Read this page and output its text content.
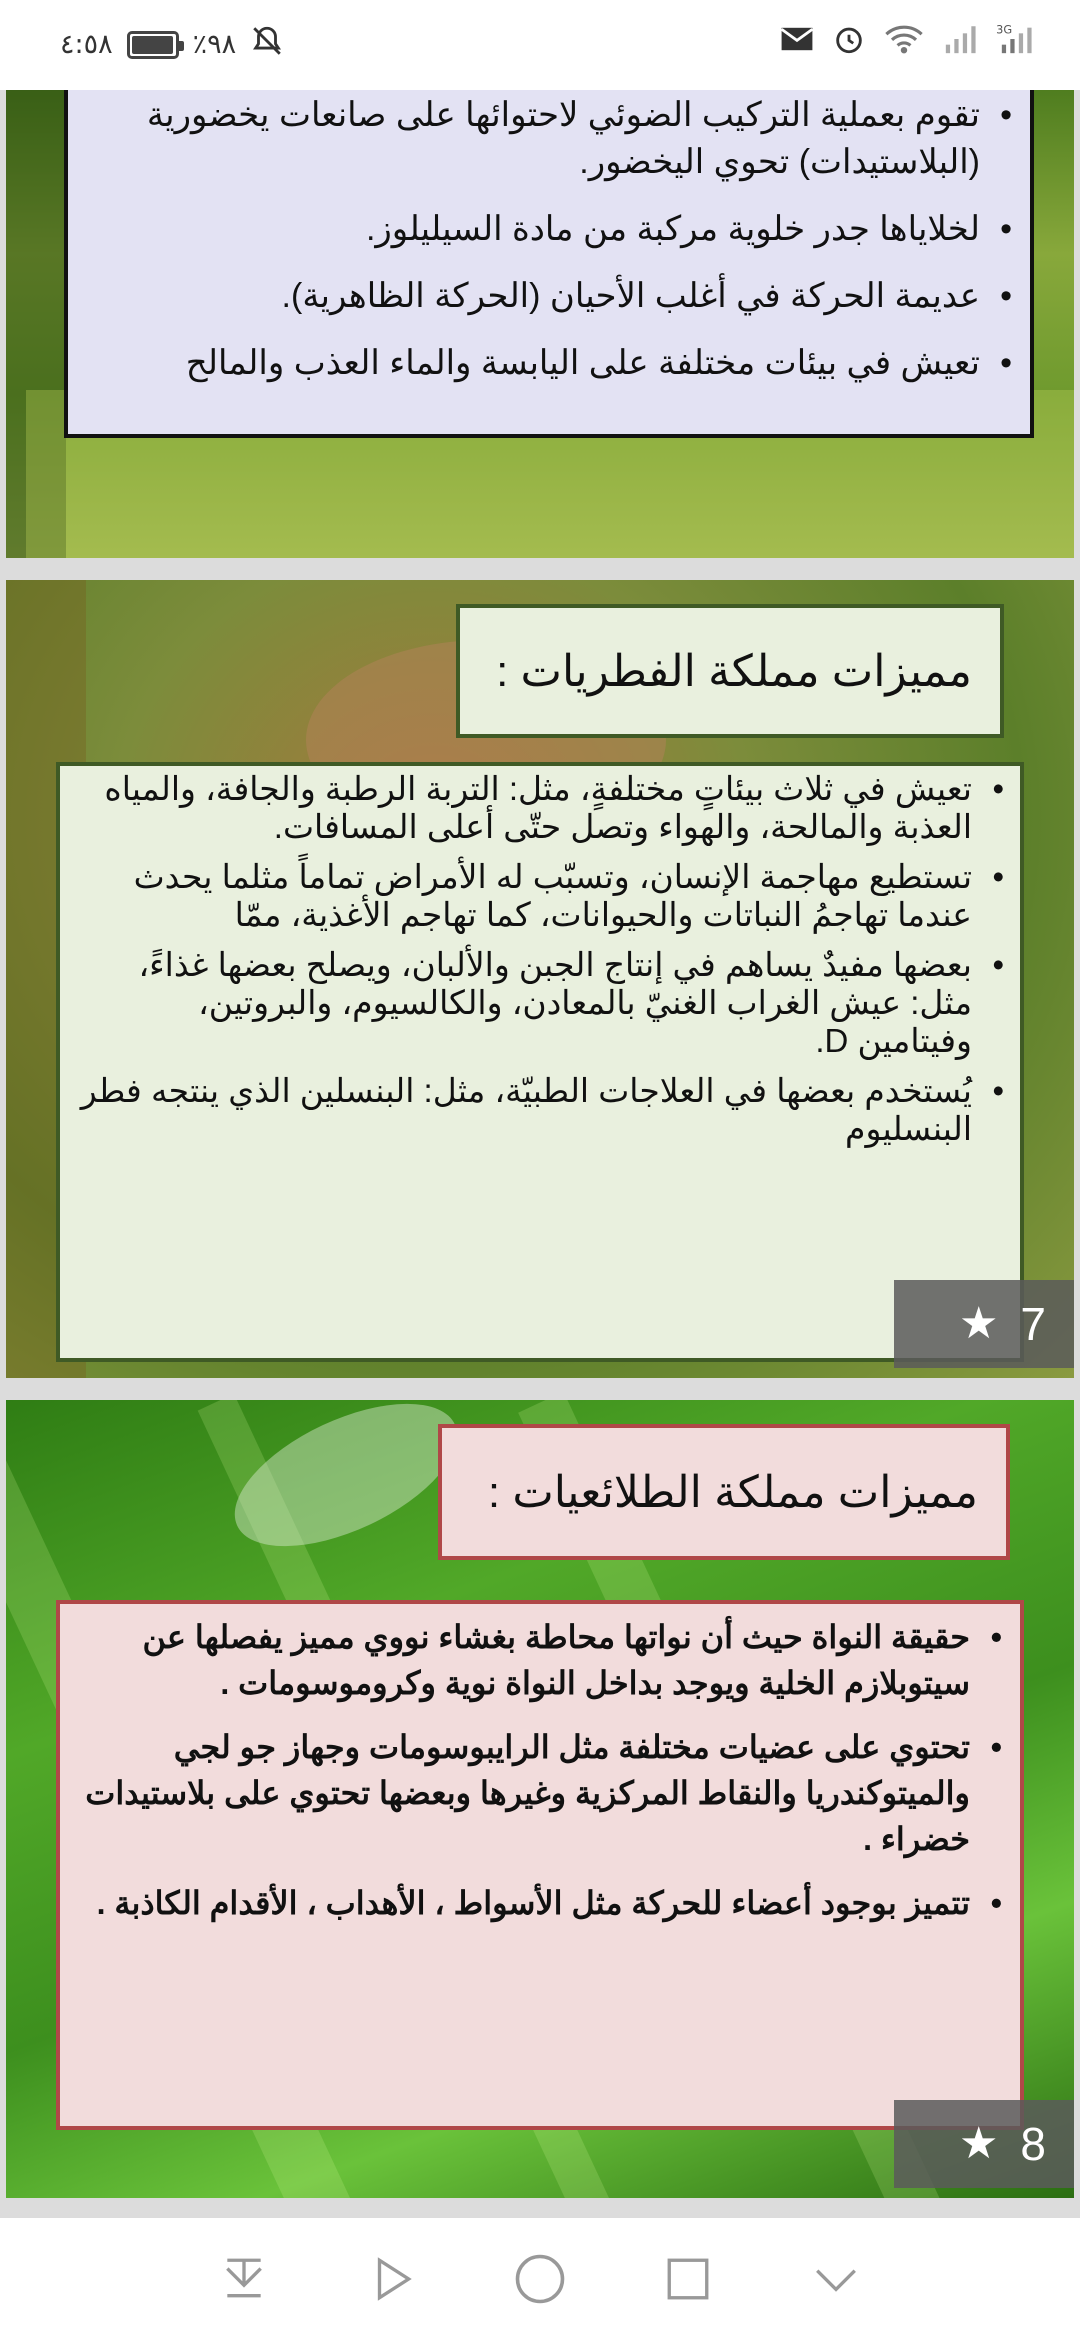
٤:٥٨	٪٩٨	3G
• تقوم بعملية التركيب الضوئي لاحتوائها على صانعات يخضورية (البلاستيدات) تحوي اليخضور.
• لخلاياها جدر خلوية مركبة من مادة السيليلوز.
• عديمة الحركة في أغلب الأحيان (الحركة الظاهرية).
• تعيش في بيئات مختلفة على اليابسة والماء العذب والمالح
مميزات مملكة الفطريات :
• تعيش في ثلاث بيئاتٍ مختلفةٍ، مثل: التربة الرطبة والجافة، والمياه العذبة والمالحة، والهواء وتصل حتّى أعلى المسافات.
• تستطيع مهاجمة الإنسان، وتسبّب له الأمراض تماماً مثلما يحدث عندما تهاجمُ النباتات والحيوانات، كما تهاجم الأغذية، ممّا
• بعضها مفيدٌ يساهم في إنتاج الجبن والألبان، ويصلح بعضها غذاءً، مثل: عيش الغراب الغنيّ بالمعادن، والكالسيوم، والبروتين، وفيتامين D.
• يُستخدم بعضها في العلاجات الطبيّة، مثل: البنسلين الذي ينتجه فطر البنسليوم
★ 7
مميزات مملكة الطلائعيات :
• حقيقة النواة حيث أن نواتها محاطة بغشاء نووي مميز يفصلها عن سيتوبلازم الخلية ويوجد بداخل النواة نوية وكروموسومات .
• تحتوي على عضيات مختلفة مثل الرايبوسومات وجهاز جو لجي والميتوكندريا والنقاط المركزية وغيرها وبعضها تحتوي على بلاستيدات خضراء .
• تتميز بوجود أعضاء للحركة مثل الأسواط ، الأهداب ، الأقدام الكاذبة .
★ 8
